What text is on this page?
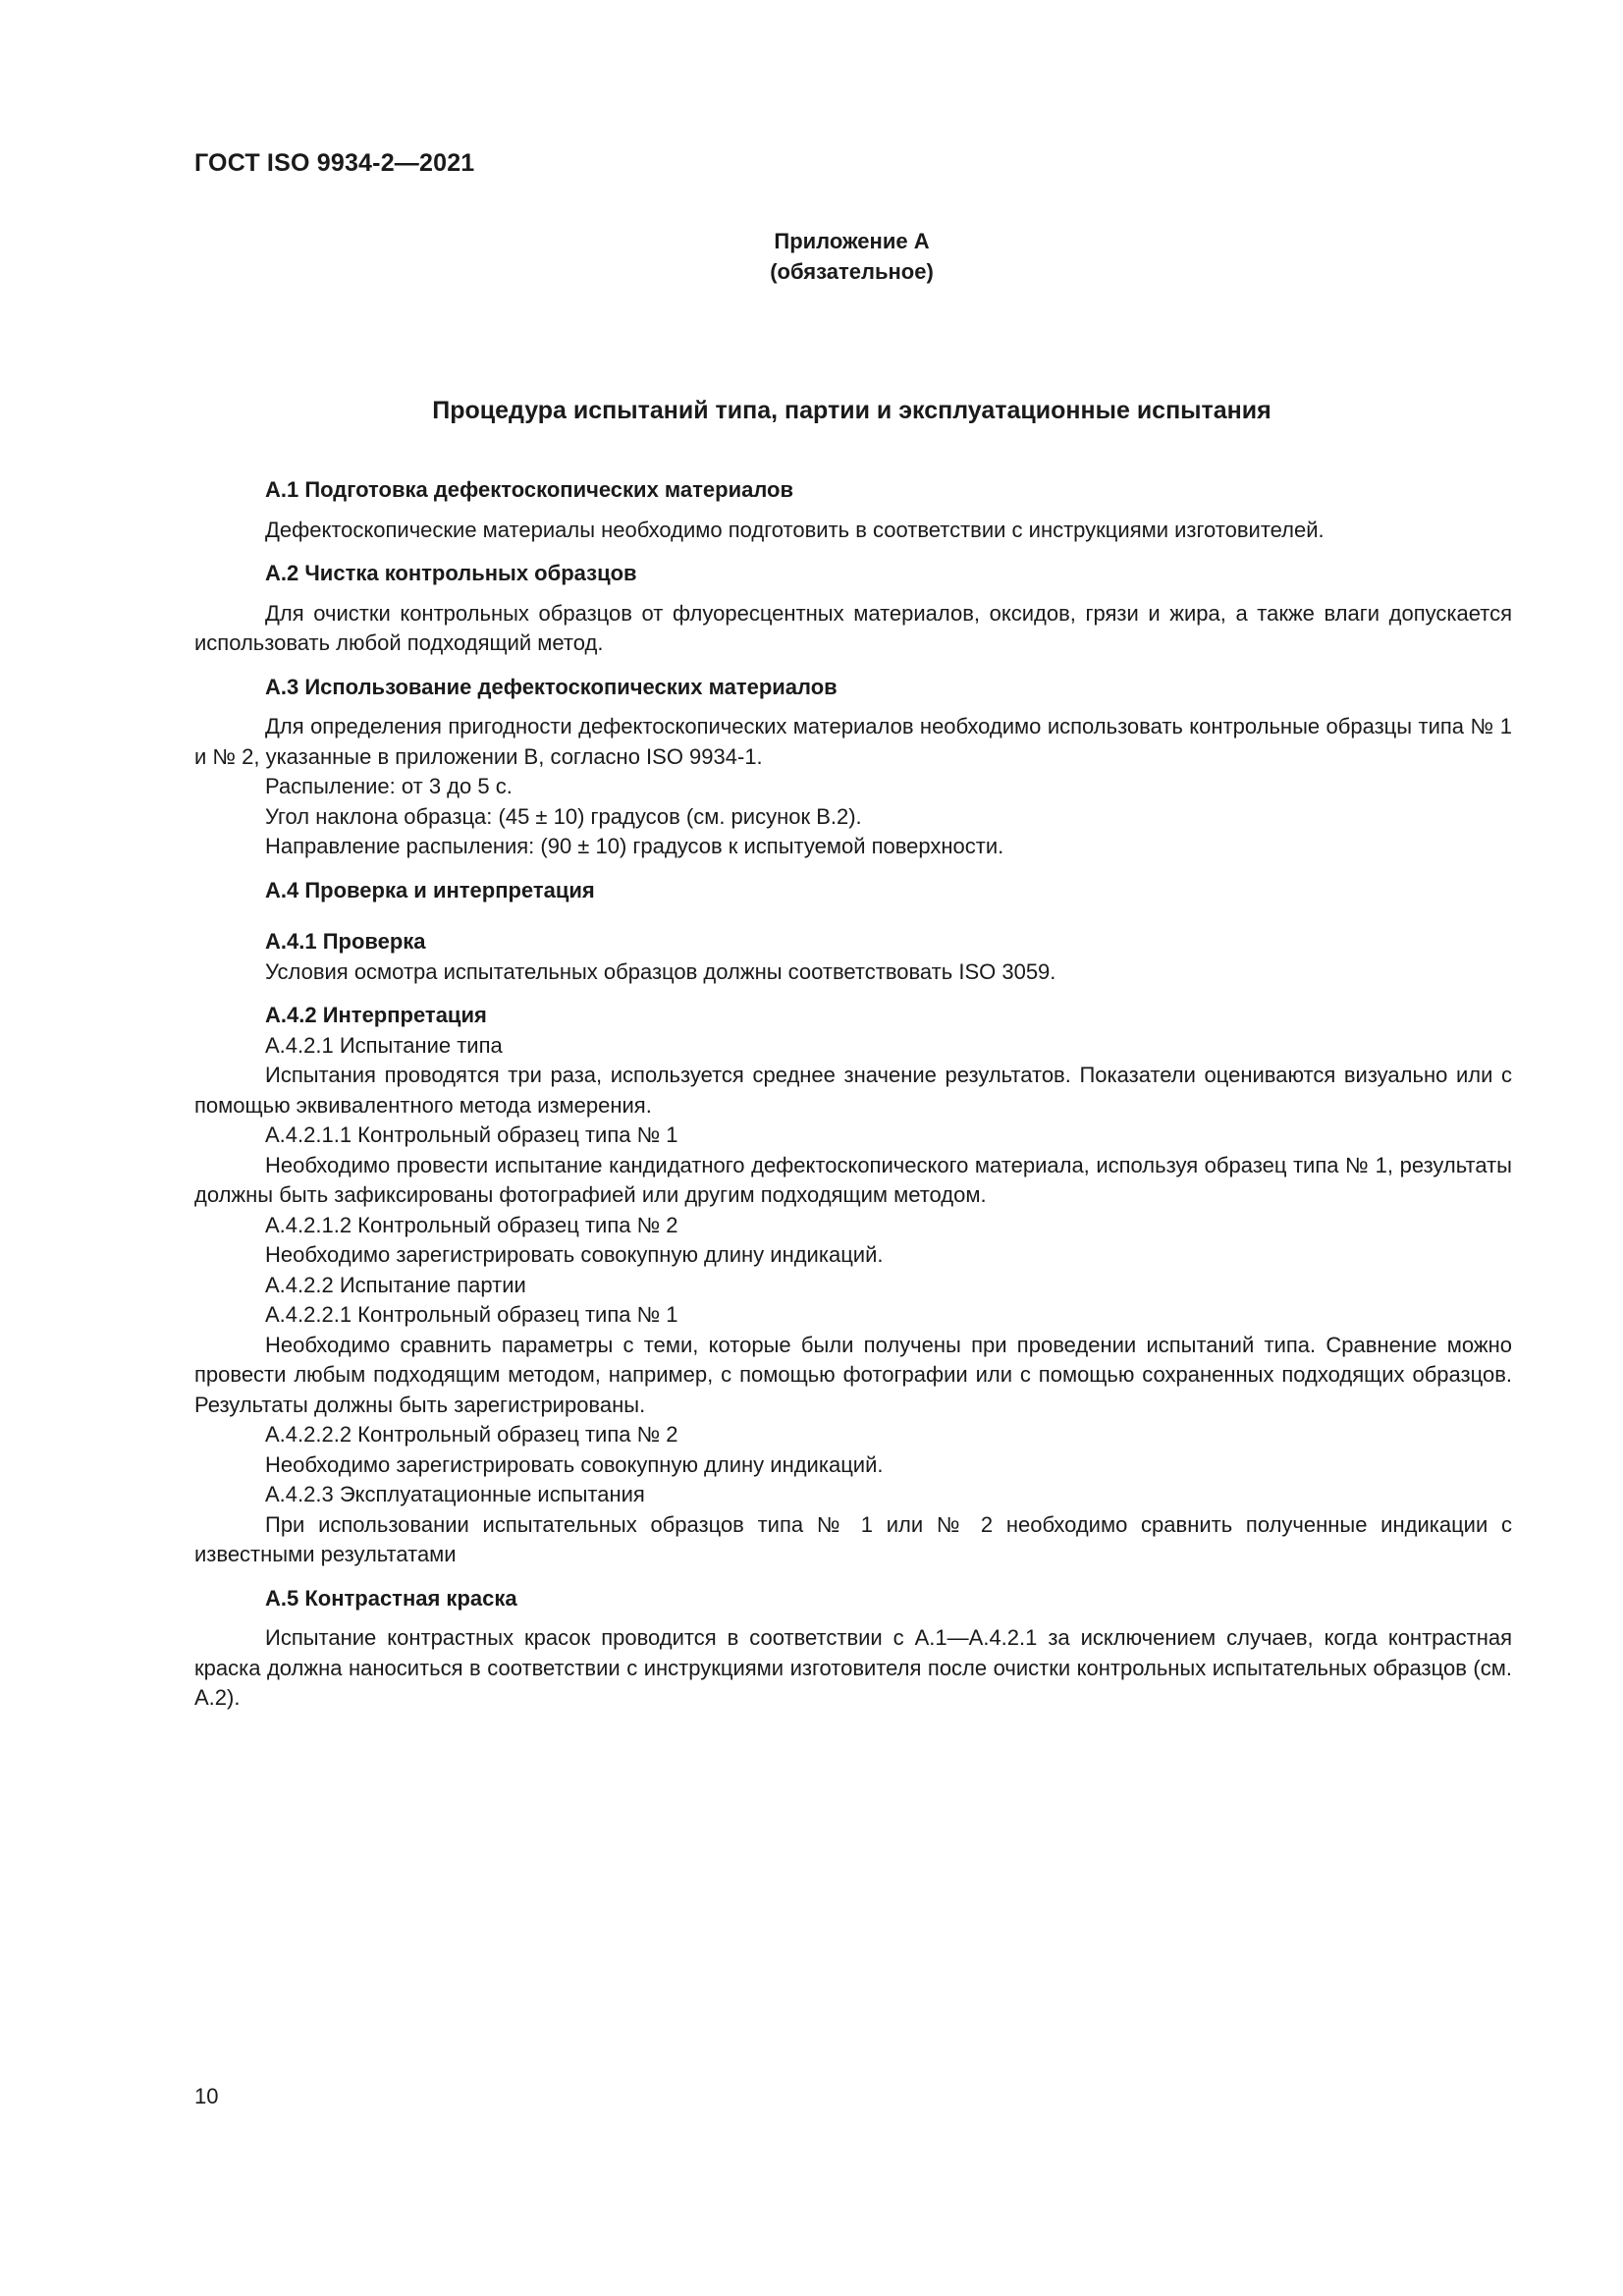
ГОСТ ISO 9934-2—2021
Приложение А
(обязательное)
Процедура испытаний типа, партии и эксплуатационные испытания

А.1 Подготовка дефектоскопических материалов

Дефектоскопические материалы необходимо подготовить в соответствии с инструкциями изготовителей.

А.2 Чистка контрольных образцов

Для очистки контрольных образцов от флуоресцентных материалов, оксидов, грязи и жира, а также влаги допускается использовать любой подходящий метод.

А.3 Использование дефектоскопических материалов

Для определения пригодности дефектоскопических материалов необходимо использовать контрольные образцы типа № 1 и № 2, указанные в приложении В, согласно ISO 9934-1.

Распыление: от 3 до 5 с.

Угол наклона образца: (45 ± 10) градусов (см. рисунок В.2).

Направление распыления: (90 ± 10) градусов к испытуемой поверхности.

А.4 Проверка и интерпретация

А.4.1 Проверка

Условия осмотра испытательных образцов должны соответствовать ISO 3059.

А.4.2 Интерпретация

А.4.2.1 Испытание типа

Испытания проводятся три раза, используется среднее значение результатов. Показатели оцениваются визуально или с помощью эквивалентного метода измерения.

А.4.2.1.1 Контрольный образец типа № 1

Необходимо провести испытание кандидатного дефектоскопического материала, используя образец типа № 1, результаты должны быть зафиксированы фотографией или другим подходящим методом.

А.4.2.1.2 Контрольный образец типа № 2

Необходимо зарегистрировать совокупную длину индикаций.

А.4.2.2 Испытание партии

А.4.2.2.1 Контрольный образец типа № 1

Необходимо сравнить параметры с теми, которые были получены при проведении испытаний типа. Сравнение можно провести любым подходящим методом, например, с помощью фотографии или с помощью сохраненных подходящих образцов. Результаты должны быть зарегистрированы.

А.4.2.2.2 Контрольный образец типа № 2

Необходимо зарегистрировать совокупную длину индикаций.

А.4.2.3 Эксплуатационные испытания

При использовании испытательных образцов типа № 1 или № 2 необходимо сравнить полученные индикации с известными результатами

А.5 Контрастная краска

Испытание контрастных красок проводится в соответствии с А.1—А.4.2.1 за исключением случаев, когда контрастная краска должна наноситься в соответствии с инструкциями изготовителя после очистки контрольных испытательных образцов (см. А.2).

10
